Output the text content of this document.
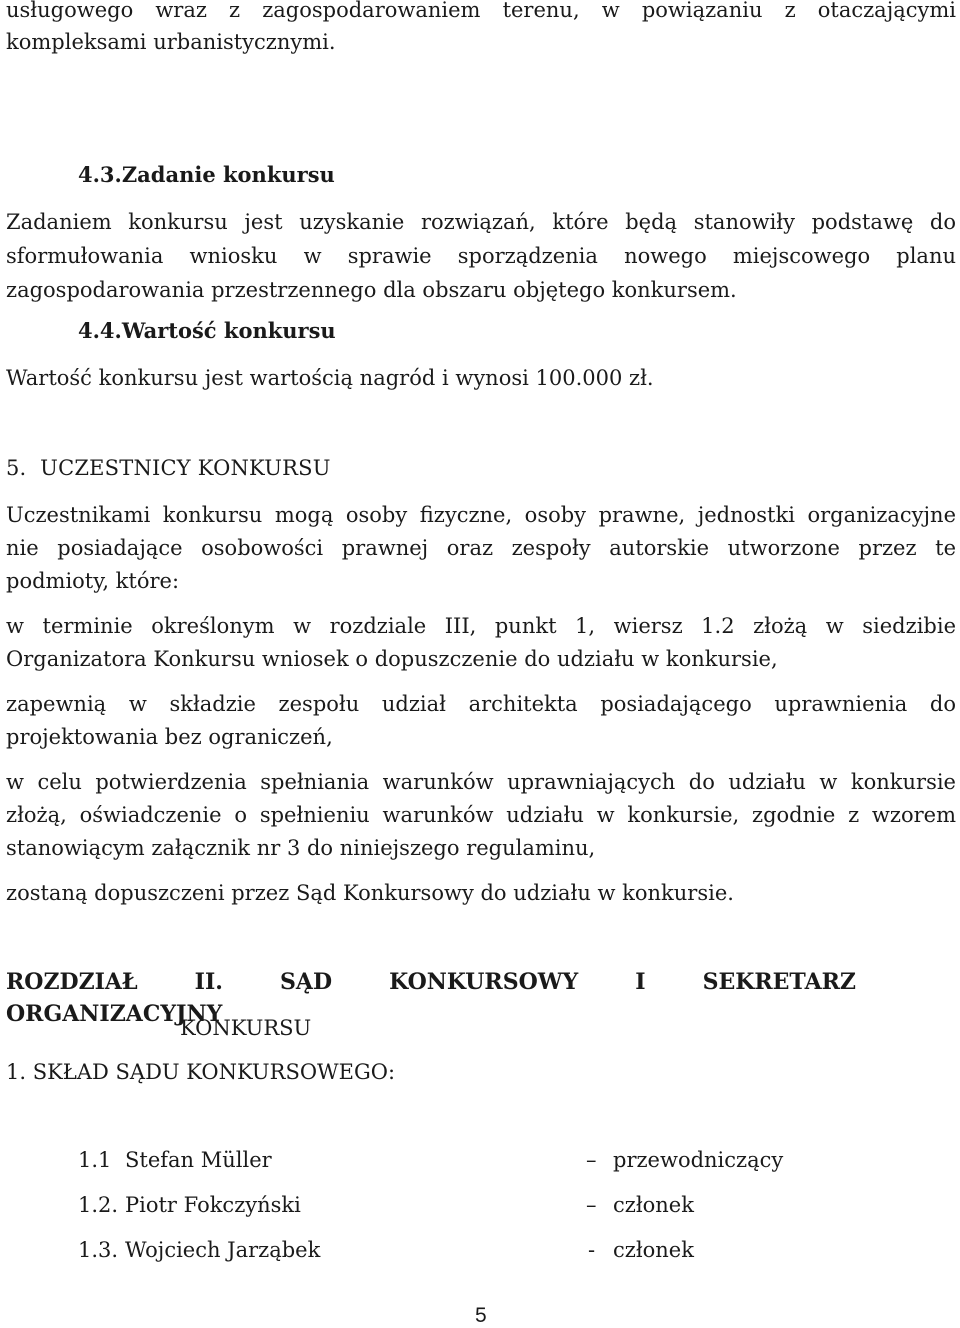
usługowego wraz z zagospodarowaniem terenu, w powiązaniu z otaczającymi

kompleksami urbanistycznymi.

4.3.Zadanie konkursu

Zadaniem konkursu jest uzyskanie rozwiązań, które będą stanowiły podstawę do

sformułowania wniosku w sprawie sporządzenia nowego miejscowego planu

zagospodarowania przestrzennego dla obszaru objętego konkursem.

4.4.Wartość konkursu

Wartość konkursu jest wartością nagród i wynosi 100.000 zł.

5.  UCZESTNICY KONKURSU

Uczestnikami konkursu mogą osoby fizyczne, osoby prawne, jednostki organizacyjne

nie posiadające osobowości prawnej oraz zespoły autorskie utworzone przez te

podmioty, które:

w terminie określonym w rozdziale III, punkt 1, wiersz 1.2 złożą w siedzibie

Organizatora Konkursu wniosek o dopuszczenie do udziału w konkursie,

zapewnią w składzie zespołu udział architekta posiadającego uprawnienia do

projektowania bez ograniczeń,

w celu potwierdzenia spełniania warunków uprawniających do udziału w konkursie

złożą, oświadczenie o spełnieniu warunków udziału w konkursie, zgodnie z wzorem

stanowiącym załącznik nr 3 do niniejszego regulaminu,

zostaną dopuszczeni przez Sąd Konkursowy do udziału w konkursie.

ROZDZIAŁ II. SĄD KONKURSOWY I SEKRETARZ ORGANIZACYJNY

KONKURSU

1. SKŁAD SĄDU KONKURSOWEGO:

1.1 Stefan Müller	– przewodniczący
1.2. Piotr Fokczyński	– członek
1.3. Wojciech Jarząbek	- członek
5
